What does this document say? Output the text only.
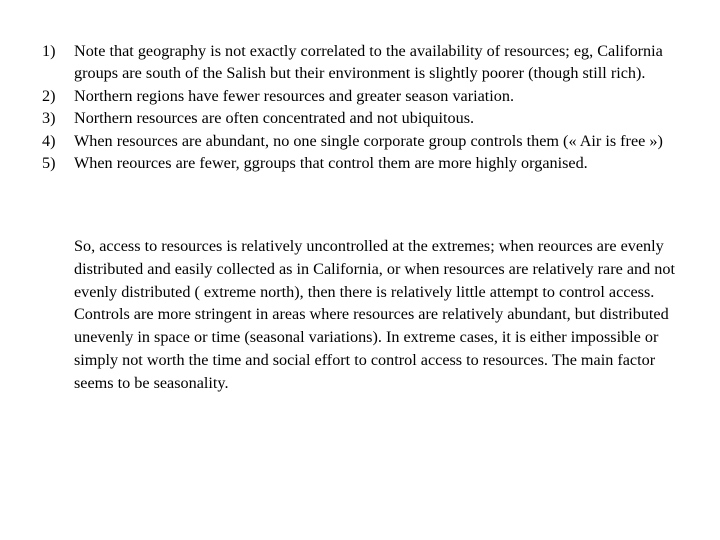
1) Note that geography is not exactly correlated to the availability of resources; eg, California groups are south of the Salish but their environment is slightly poorer (though still rich).
2) Northern regions have fewer resources and greater season variation.
3) Northern resources are often concentrated and not ubiquitous.
4) When resources are abundant, no one single corporate group controls them (« Air is free »)
5) When reources are fewer, ggroups that control them are more highly organised.

So, access to resources is relatively uncontrolled at the extremes; when reources are evenly distributed and easily collected as in California, or when resources are relatively rare and not evenly distributed ( extreme north), then there is relatively little attempt to control access. Controls are more stringent in areas where resources are relatively abundant, but distributed unevenly in space or time (seasonal variations). In extreme cases, it is either impossible or simply not worth the time and social effort to control access to resources. The main factor seems to be seasonality.
